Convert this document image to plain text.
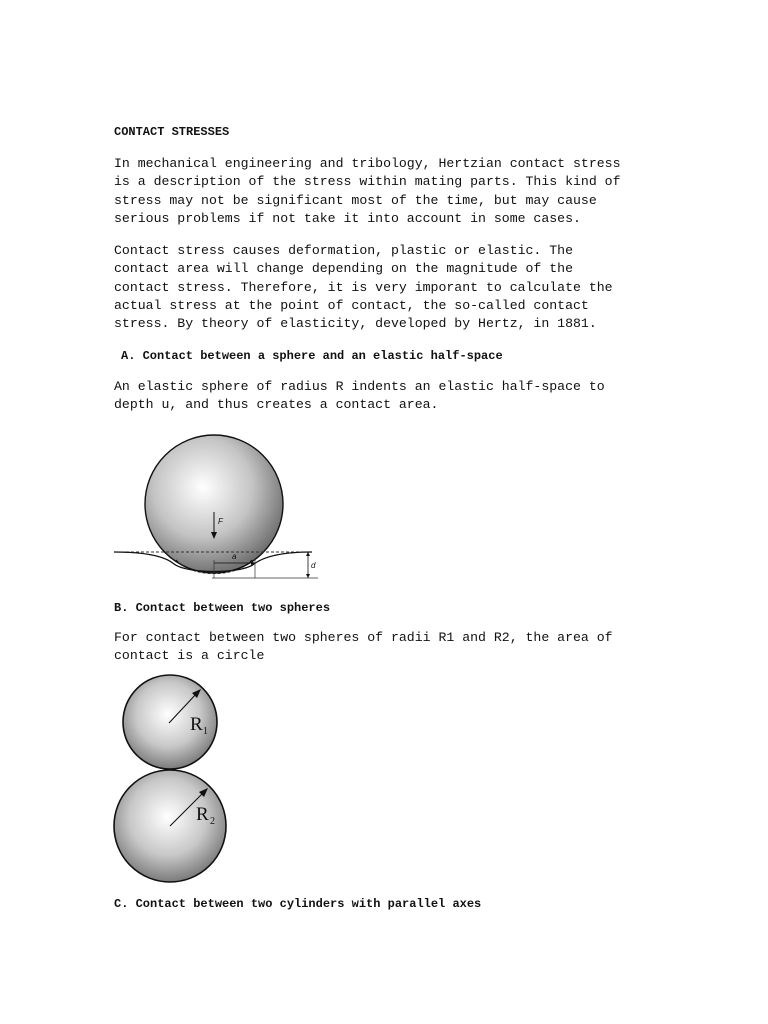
CONTACT STRESSES
In mechanical engineering and tribology, Hertzian contact stress
is a description of the stress within mating parts. This kind of
stress may not be significant most of the time, but may cause
serious problems if not take it into account in some cases.
Contact stress causes deformation, plastic or elastic. The
contact area will change depending on the magnitude of the
contact stress. Therefore, it is very imporant to calculate the
actual stress at the point of contact, the so-called contact
stress. By theory of elasticity, developed by Hertz, in 1881.
A. Contact between a sphere and an elastic half-space
An elastic sphere of radius R indents an elastic half-space to
depth u, and thus creates a contact area.
F
a
d
B. Contact between two spheres
For contact between two spheres of radii R1 and R2, the area of
contact is a circle
R 1
R 2
C. Contact between two cylinders with parallel axes
